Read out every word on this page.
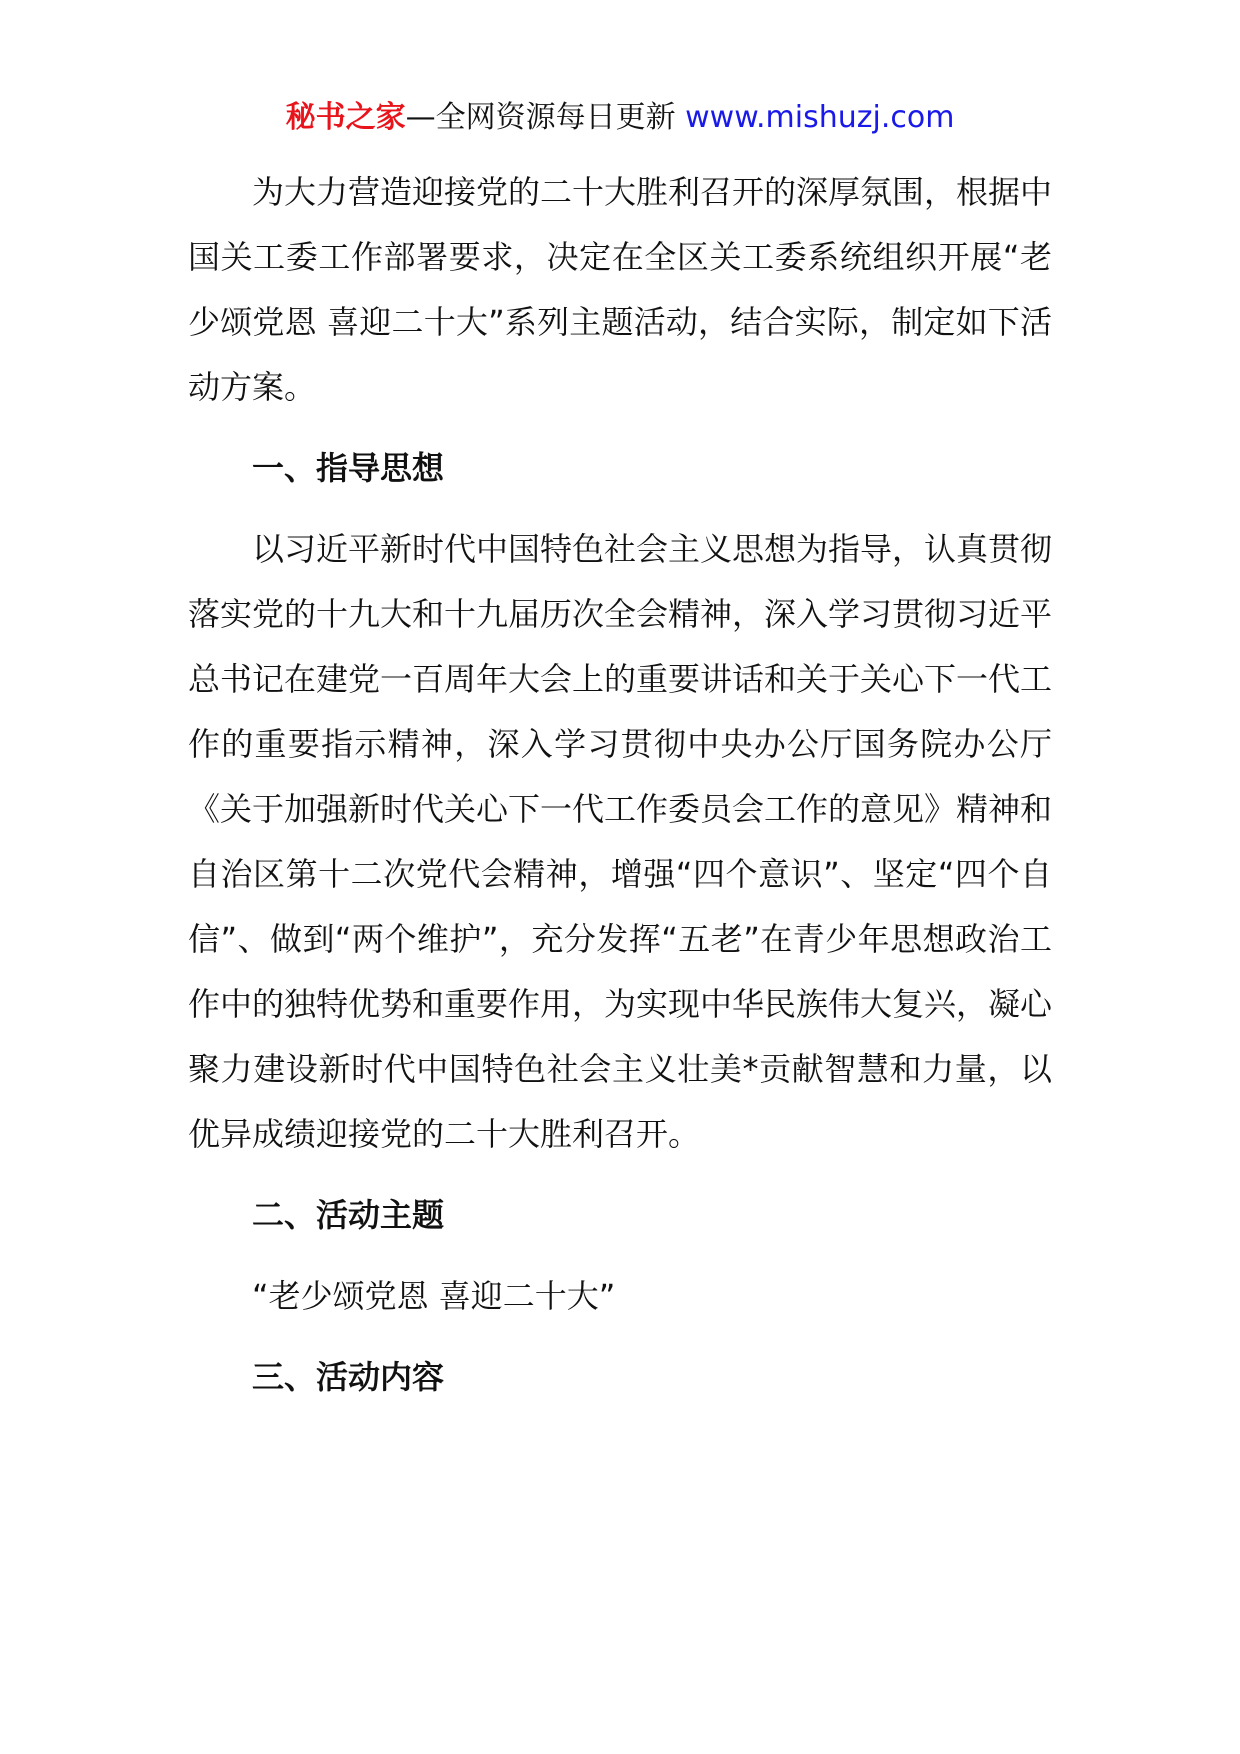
秘书之家—全网资源每日更新 www.mishuzj.com

为大力营造迎接党的二十大胜利召开的深厚氛围，根据中国关工委工作部署要求，决定在全区关工委系统组织开展“老少颂党恩 喜迎二十大”系列主题活动，结合实际，制定如下活动方案。

一、指导思想

以习近平新时代中国特色社会主义思想为指导，认真贯彻落实党的十九大和十九届历次全会精神，深入学习贯彻习近平总书记在建党一百周年大会上的重要讲话和关于关心下一代工作的重要指示精神，深入学习贯彻中央办公厅国务院办公厅《关于加强新时代关心下一代工作委员会工作的意见》精神和自治区第十二次党代会精神，增强“四个意识”、坚定“四个自信”、做到“两个维护”，充分发挥“五老”在青少年思想政治工作中的独特优势和重要作用，为实现中华民族伟大复兴，凝心聚力建设新时代中国特色社会主义壮美*贡献智慧和力量，以优异成绩迎接党的二十大胜利召开。

二、活动主题

“老少颂党恩 喜迎二十大”

三、活动内容
